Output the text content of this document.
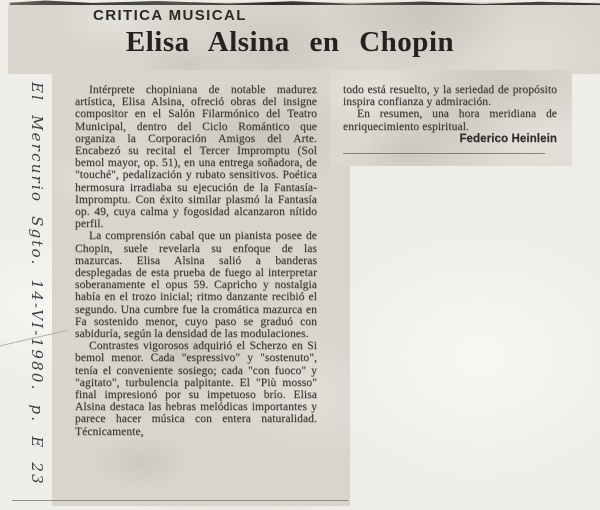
CRITICA MUSICAL
Elisa Alsina en Chopin

Intérprete chopiniana de notable madurez artística, Elisa Alsina, ofreció obras del insigne compositor en el Salón Filarmónico del Teatro Municipal, dentro del Ciclo Romántico que organiza la Corporación Amigos del Arte. Encabezó su recital el Tercer Impromptu (Sol bemol mayor, op. 51), en una entrega soñadora, de "touché", pedalización y rubato sensitivos. Poética hermosura irradiaba su ejecución de la Fantasía-Impromptu. Con éxito similar plasmó la Fantasía op. 49, cuya calma y fogosidad alcanzaron nítido perfil.

La comprensión cabal que un pianista posee de Chopin, suele revelarla su enfoque de las mazurcas. Elisa Alsina salió a banderas desplegadas de esta prueba de fuego al interpretar soberanamente el opus 59. Capricho y nostalgia había en el trozo inicial; ritmo danzante recibió el segundo. Una cumbre fue la cromática mazurca en Fa sostenido menor, cuyo paso se graduó con sabiduría, según la densidad de las modulaciones.

Contrastes vigorosos adquirió el Scherzo en Si bemol menor. Cada "espressivo" y "sostenuto", tenía el conveniente sosiego; cada "con fuoco" y "agitato", turbulencia palpitante. El "Più mosso" final impresionó por su impetuoso brío. Elisa Alsina destaca las hebras melódicas importantes y parece hacer música con entera naturalidad. Técnicamente,

todo está resuelto, y la seriedad de propósito inspira confianza y admiración.

En resumen, una hora meridiana de enriquecimiento espiritual.

Federico Heinlein

El Mercurio Sgto. 14-VI-1980. p. E 23
